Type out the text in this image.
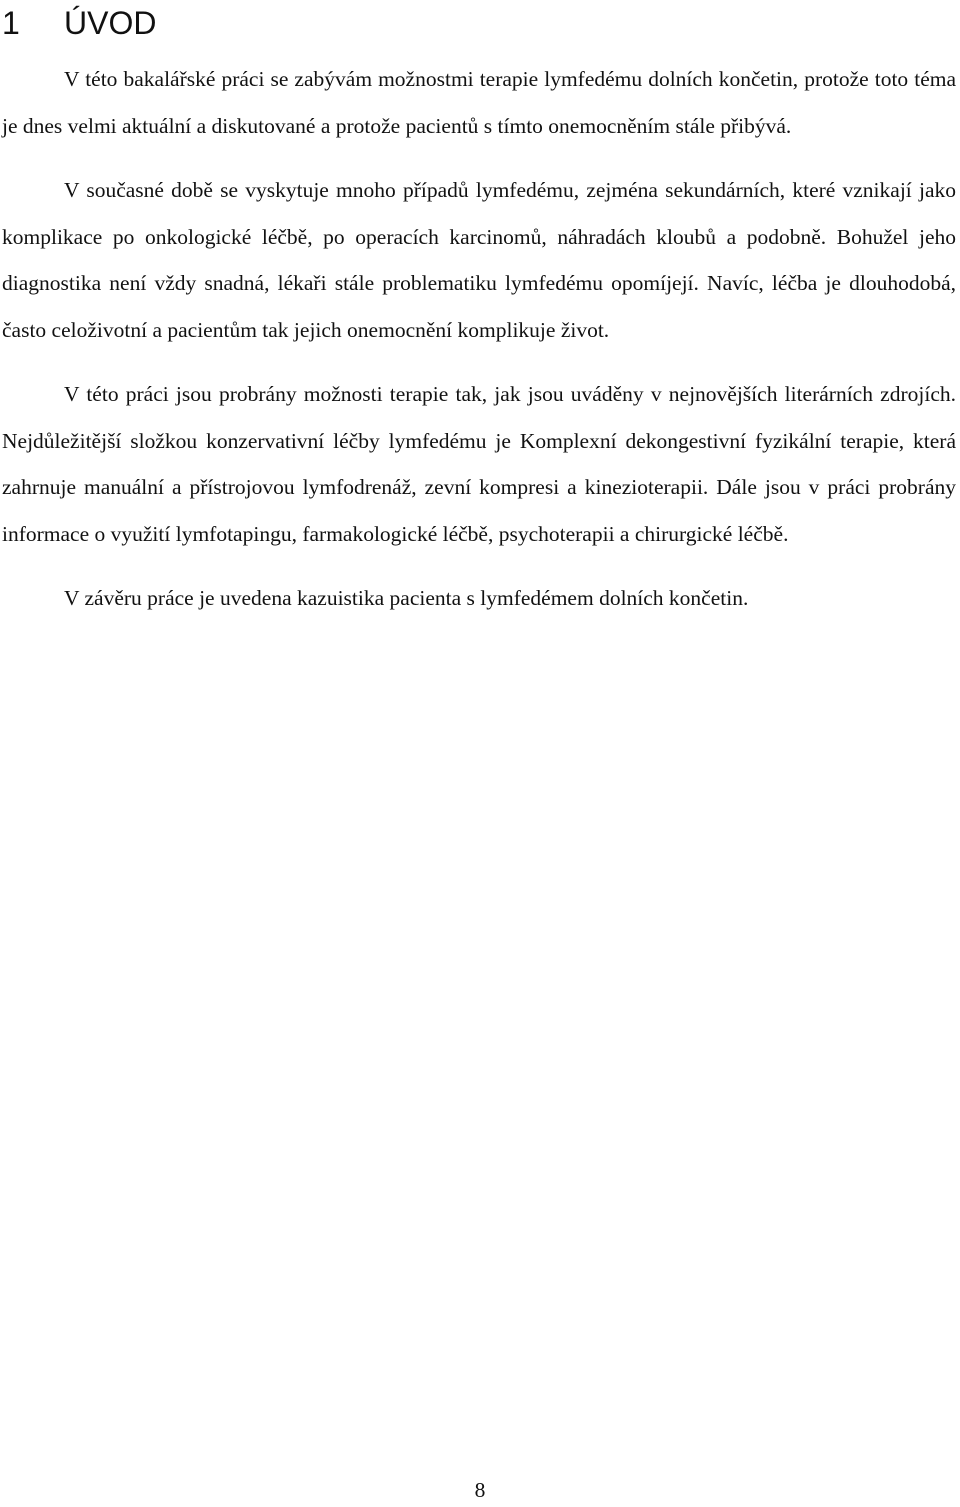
1	ÚVOD

V této bakalářské práci se zabývám možnostmi terapie lymfedému dolních končetin, protože toto téma je dnes velmi aktuální a diskutované a protože pacientů s tímto onemocněním stále přibývá.

V současné době se vyskytuje mnoho případů lymfedému, zejména sekundárních, které vznikají jako komplikace po onkologické léčbě, po operacích karcinomů, náhradách kloubů a podobně. Bohužel jeho diagnostika není vždy snadná, lékaři stále problematiku lymfedému opomíjejí. Navíc, léčba je dlouhodobá, často celoživotní a pacientům tak jejich onemocnění komplikuje život.

V této práci jsou probrány možnosti terapie tak, jak jsou uváděny v nejnovějších literárních zdrojích. Nejdůležitější složkou konzervativní léčby lymfedému je Komplexní dekongestivní fyzikální terapie, která zahrnuje manuální a přístrojovou lymfodrenáž, zevní kompresi a kinezioterapii. Dále jsou v práci probrány informace o využití lymfotapingu, farmakologické léčbě, psychoterapii a chirurgické léčbě.

V závěru práce je uvedena kazuistika pacienta s lymfedémem dolních končetin.

8
